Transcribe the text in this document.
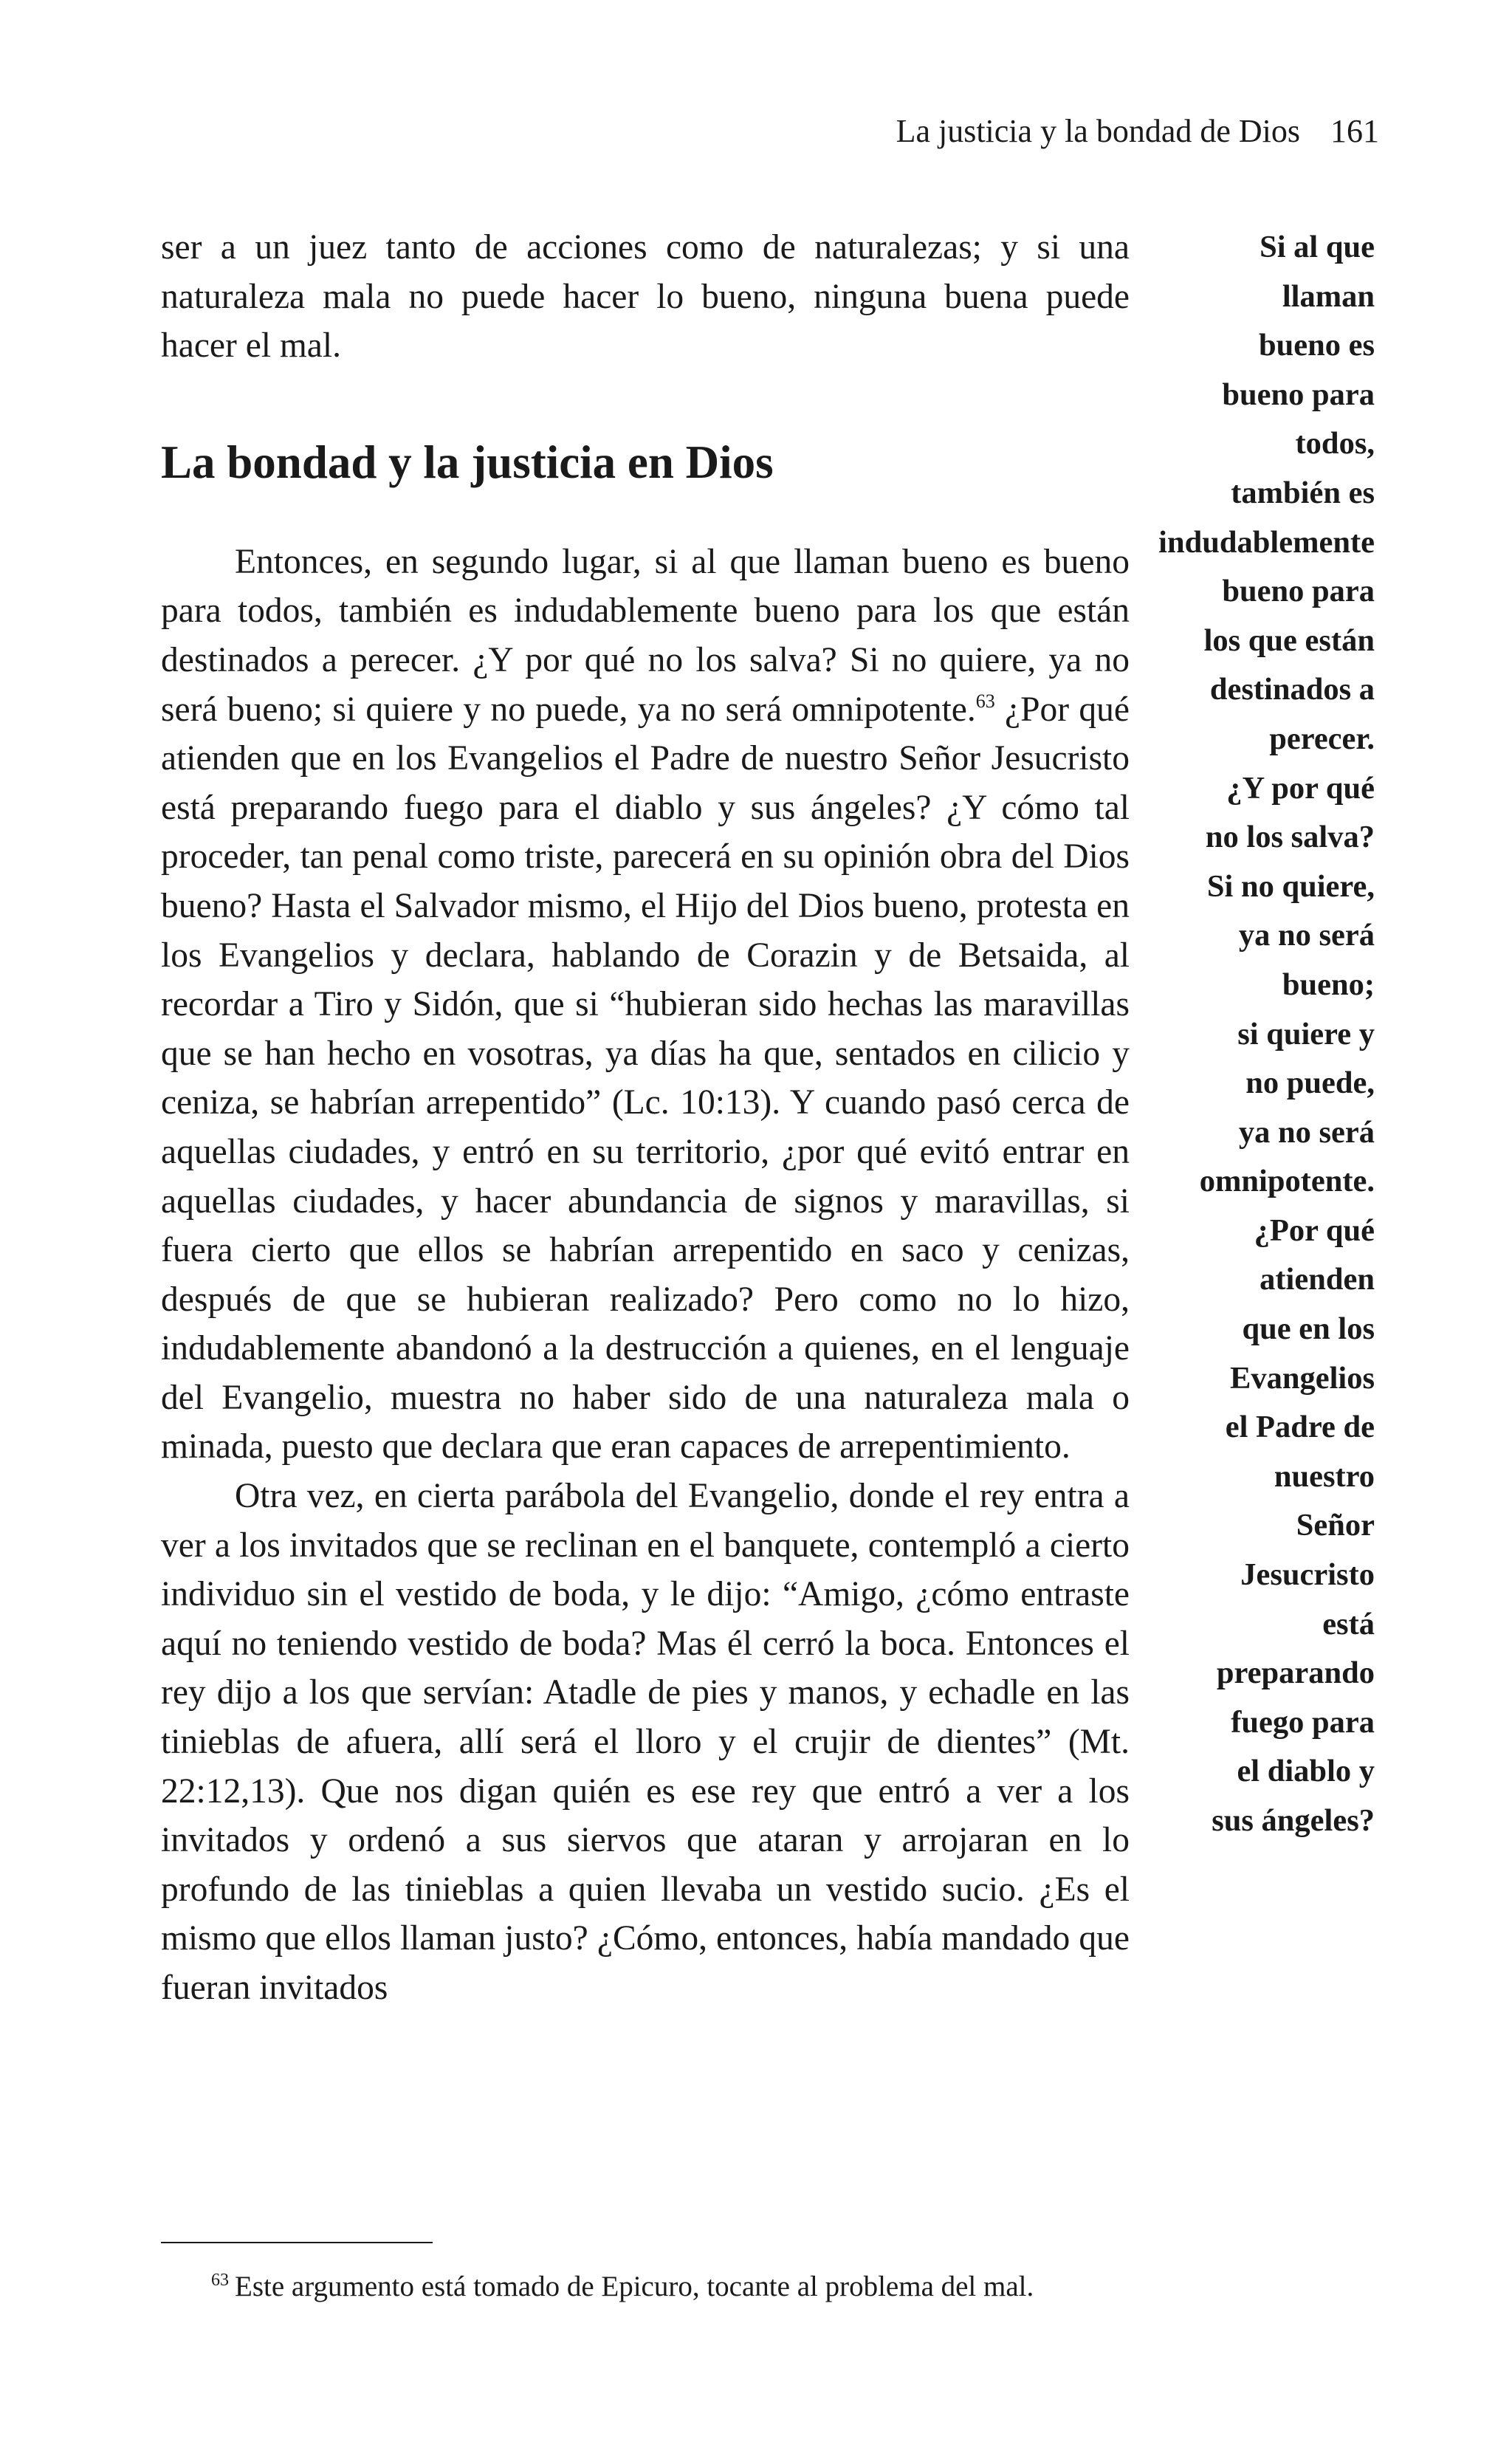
La justicia y la bondad de Dios 161

ser a un juez tanto de acciones como de naturalezas; y si una naturaleza mala no puede hacer lo bueno, ninguna buena puede hacer el mal.

La bondad y la justicia en Dios

Entonces, en segundo lugar, si al que llaman bueno es bueno para todos, también es indudablemente bueno para los que están destinados a perecer. ¿Y por qué no los salva? Si no quiere, ya no será bueno; si quiere y no puede, ya no será omnipotente.$^{63}$ ¿Por qué atienden que en los Evangelios el Padre de nuestro Señor Jesucristo está preparando fuego para el diablo y sus ángeles? ¿Y cómo tal proceder, tan penal como triste, parecerá en su opinión obra del Dios bueno? Hasta el Salvador mismo, el Hijo del Dios bueno, protesta en los Evangelios y declara, hablando de Corazin y de Betsaida, al recordar a Tiro y Sidón, que si “hubieran sido hechas las maravillas que se han hecho en vosotras, ya días ha que, sentados en cilicio y ceniza, se habrían arrepentido” (Lc. 10:13). Y cuando pasó cerca de aquellas ciudades, y entró en su territorio, ¿por qué evitó entrar en aquellas ciudades, y hacer abundancia de signos y maravillas, si fuera cierto que ellos se habrían arrepentido en saco y cenizas, después de que se hubieran realizado? Pero como no lo hizo, indudablemente abandonó a la destrucción a quienes, en el lenguaje del Evangelio, muestra no haber sido de una naturaleza mala o minada, puesto que declara que eran capaces de arrepentimiento.

Otra vez, en cierta parábola del Evangelio, donde el rey entra a ver a los invitados que se reclinan en el banquete, contempló a cierto individuo sin el vestido de boda, y le dijo: “Amigo, ¿cómo entraste aquí no teniendo vestido de boda? Mas él cerró la boca. Entonces el rey dijo a los que servían: Atadle de pies y manos, y echadle en las tinieblas de afuera, allí será el lloro y el crujir de dientes” (Mt. 22:12,13). Que nos digan quién es ese rey que entró a ver a los invitados y ordenó a sus siervos que ataran y arrojaran en lo profundo de las tinieblas a quien llevaba un vestido sucio. ¿Es el mismo que ellos llaman justo? ¿Cómo, entonces, había mandado que fueran invitados

Si al que
llaman
bueno es
bueno para
todos,
también es
indudablemente
bueno para
los que están
destinados a
perecer.
¿Y por qué
no los salva?
Si no quiere,
ya no será
bueno;
si quiere y
no puede,
ya no será
omnipotente.
¿Por qué
atienden
que en los
Evangelios
el Padre de
nuestro
Señor
Jesucristo
está
preparando
fuego para
el diablo y
sus ángeles?
$^{63}$ Este argumento está tomado de Epicuro, tocante al problema del mal.
